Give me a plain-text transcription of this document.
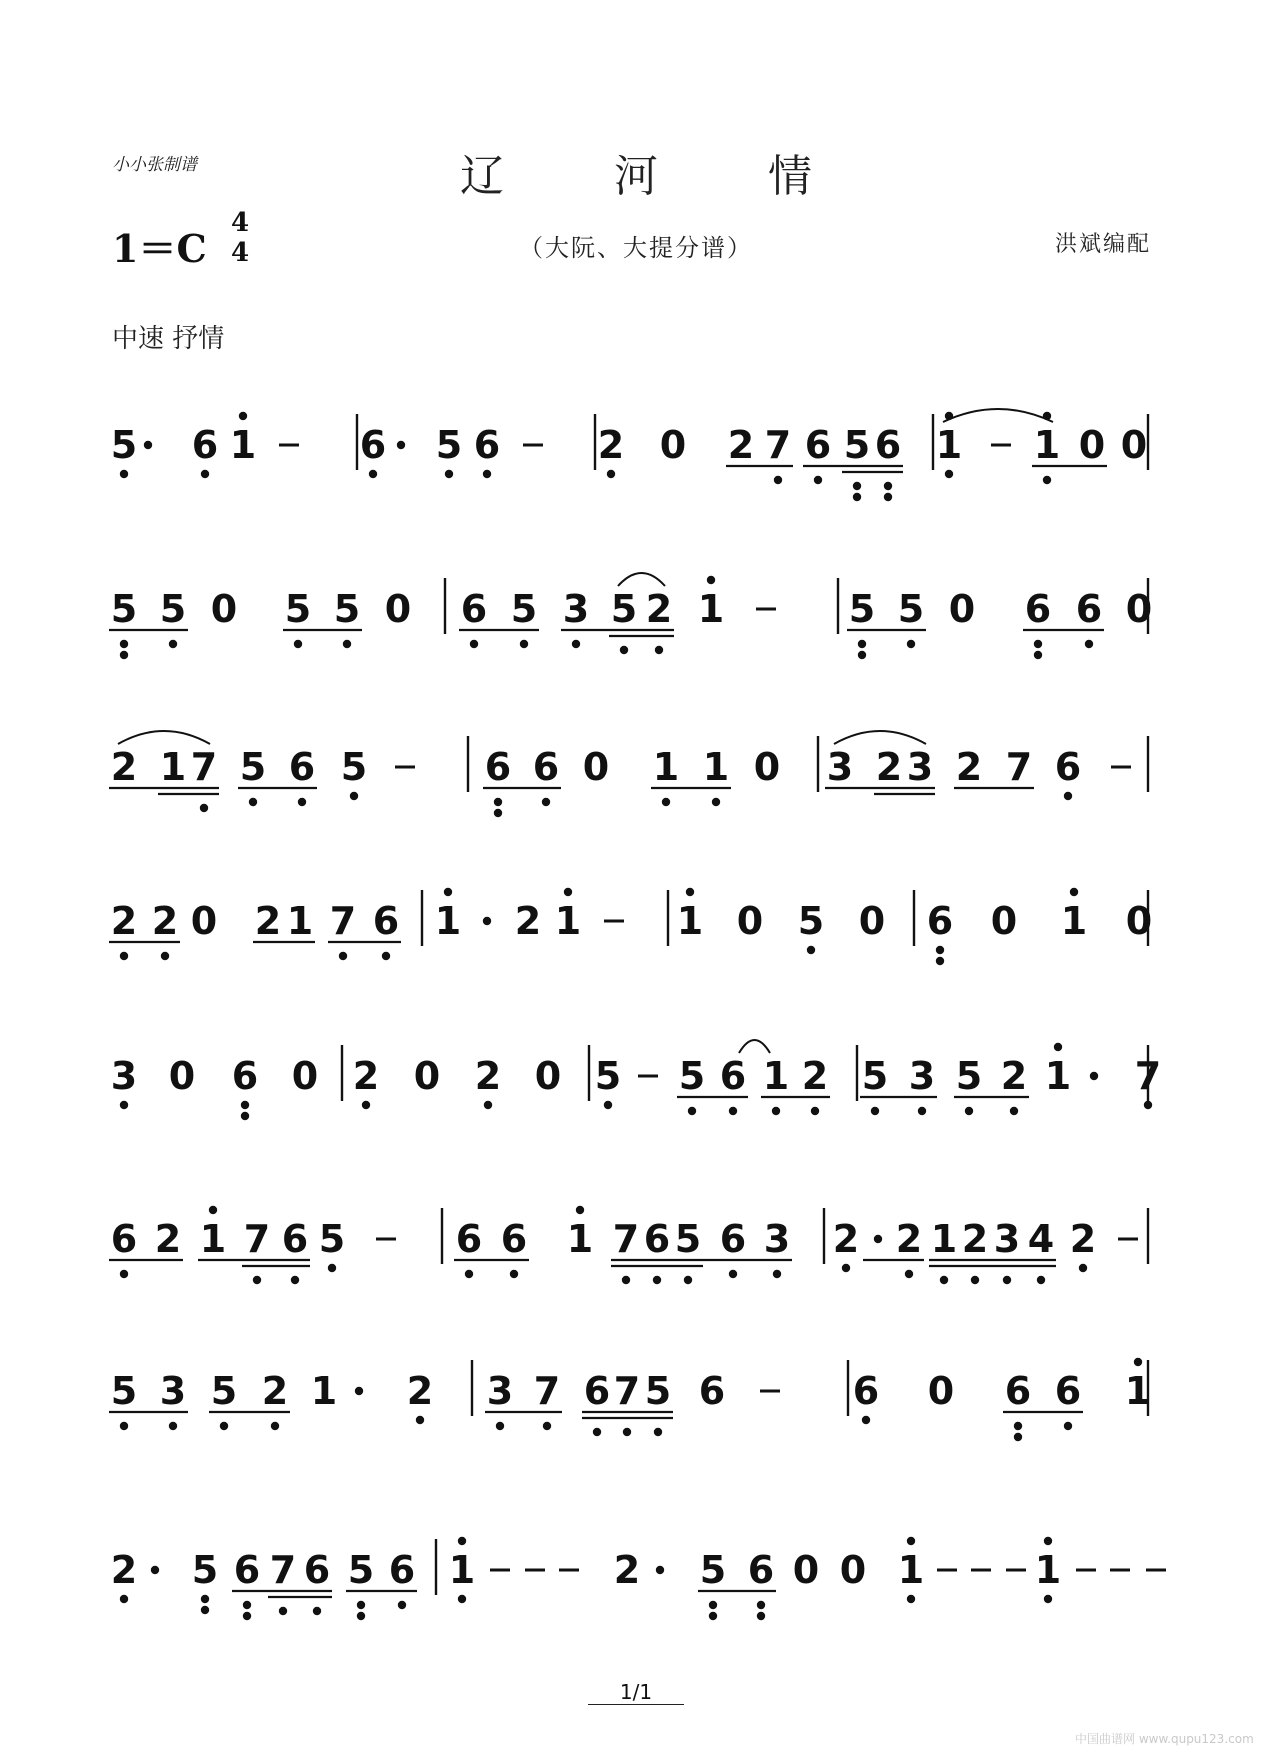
小小张制谱	辽 河 情
1＝C
4
4	（大阮、大提分谱）	洪斌编配
中速 抒情
5 6 1	6 5 6	2 0 2 7 6 5 6 1 1 0 0
5 5 0 5 5 0 6 5 3 5 2 1	5 5 0 6 6 0
2 1 7 5 6 5	6 6 0 1 1 0 3 2 3 2 7 6
2 2 0 2 1 7 6 1 2 1	1 0 5 0 6 0 1 0
3 0 6 0 2 0 2 0 5 5 6 1 2 5 3 5 2 1 7
6 2 1 7 6 5	6 6 1 7 6 5 6 3 2 2 1 2 3 4 2
5 3 5 2 1 2 3 7 6 7 5 6	6 0 6 6 1
2 5 6 7 6 5 6 1	2 5 6 0 0 1	1
1/1
中国曲谱网 www.qupu123.com
